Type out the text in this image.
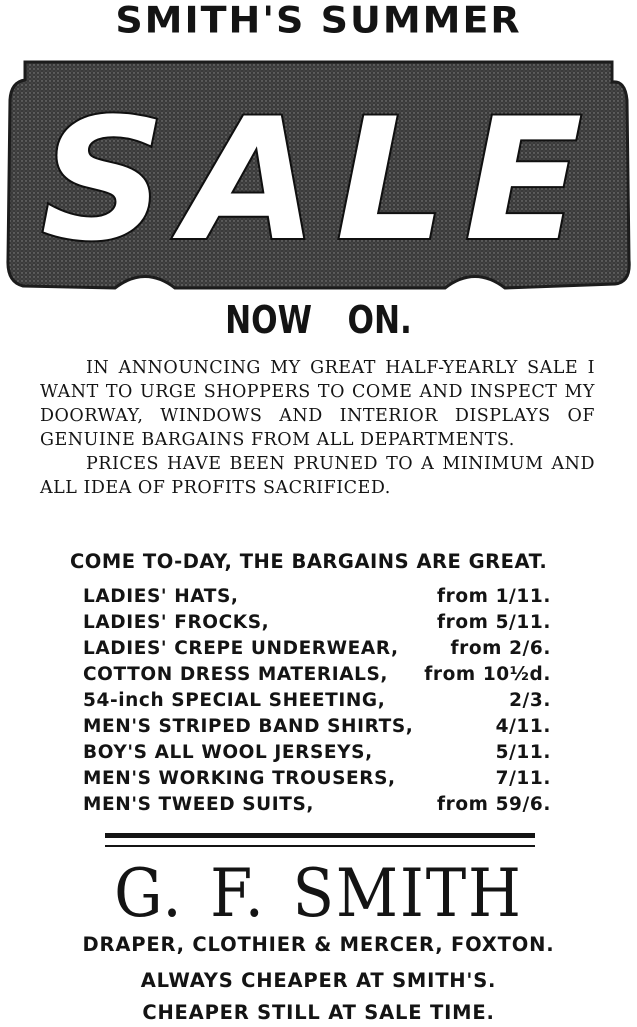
SMITH'S SUMMER
SALE
NOW ON.

IN ANNOUNCING MY GREAT HALF-YEARLY SALE I WANT TO URGE SHOPPERS TO COME AND INSPECT MY DOORWAY, WINDOWS AND INTERIOR DISPLAYS OF GENUINE BARGAINS FROM ALL DEPARTMENTS.

PRICES HAVE BEEN PRUNED TO A MINIMUM AND ALL IDEA OF PROFITS SACRIFICED.

COME TO-DAY, THE BARGAINS ARE GREAT.
LADIES' HATS,	from 1/11.
LADIES' FROCKS,	from 5/11.
LADIES' CREPE UNDERWEAR,	from 2/6.
COTTON DRESS MATERIALS, from 10½d.
54-inch SPECIAL SHEETING,	2/3.
MEN'S STRIPED BAND SHIRTS,	4/11.
BOY'S ALL WOOL JERSEYS,	5/11.
MEN'S WORKING TROUSERS,	7/11.
MEN'S TWEED SUITS,	from 59/6.
G. F. SMITH
DRAPER, CLOTHIER & MERCER, FOXTON.
ALWAYS CHEAPER AT SMITH'S.
CHEAPER STILL AT SALE TIME.
